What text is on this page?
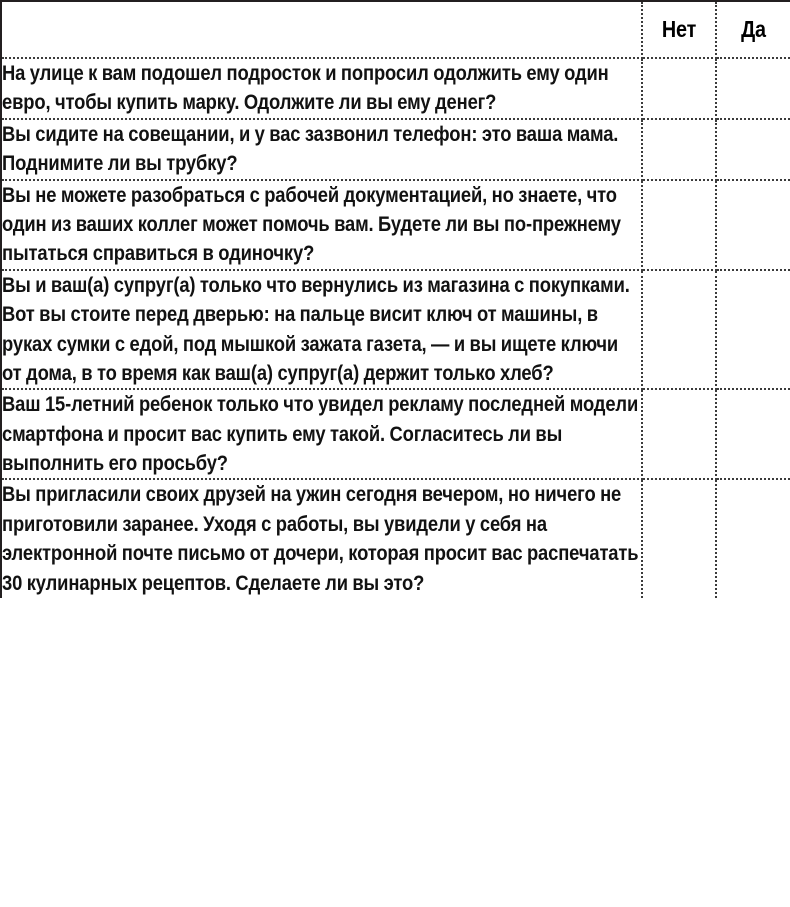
	Нет	Да

На улице к вам подошел подросток и попросил одолжить ему один евро, чтобы купить марку. Одолжите ли вы ему денег?		

Вы сидите на совещании, и у вас зазвонил телефон: это ваша мама. Поднимите ли вы трубку?		

Вы не можете разобраться с рабочей документацией, но знаете, что один из ваших коллег может помочь вам. Будете ли вы по-прежнему пытаться справиться в одиночку?		

Вы и ваш(а) супруг(а) только что вернулись из магазина с покупками. Вот вы стоите перед дверью: на пальце висит ключ от машины, в руках сумки с едой, под мышкой зажата газета, — и вы ищете ключи от дома, в то время как ваш(а) супруг(а) держит только хлеб?		

Ваш 15-летний ребенок только что увидел рекламу последней модели смартфона и просит вас купить ему такой. Согласитесь ли вы выполнить его просьбу?		

Вы пригласили своих друзей на ужин сегодня вечером, но ничего не приготовили заранее. Уходя с работы, вы увидели у себя на электронной почте письмо от дочери, которая просит вас распечатать 30 кулинарных рецептов. Сделаете ли вы это?		
